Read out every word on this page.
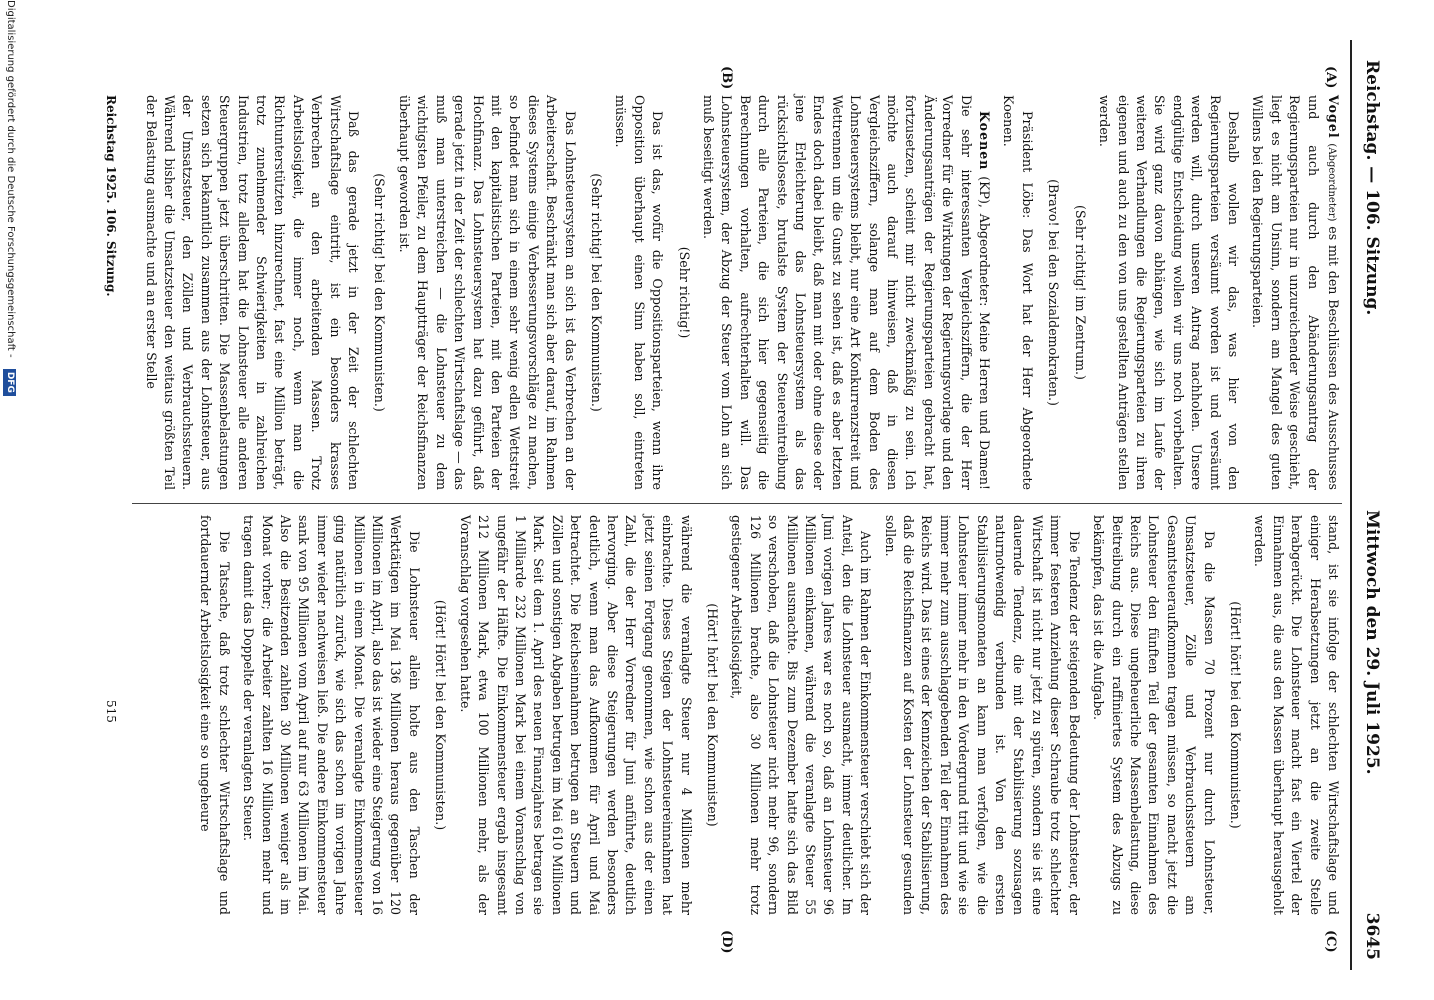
Reichstag. — 106. Sitzung.
Mittwoch den 29. Juli 1925.
3645
(A)
(B)
(C)
(D)

Vogel (Abgeordneter) es mit den Beschlüssen des Ausschusses und auch durch den Abänderungsantrag der Regierungsparteien nur in unzureichender Weise geschieht, liegt es nicht am Unsinn, sondern am Mangel des guten Willens bei den Regierungsparteien.

Deshalb wollen wir das, was hier von den Regierungsparteien versäumt worden ist und versäumt werden will, durch unseren Antrag nachholen. Unsere endgültige Entscheidung wollen wir uns noch vorbehalten. Sie wird ganz davon abhängen, wie sich im Laufe der weiteren Verhandlungen die Regierungsparteien zu ihren eigenen und auch zu den von uns gestellten Anträgen stellen werden.

(Sehr richtig! im Zentrum.)

(Bravo! bei den Sozialdemokraten.)

Präsident Löbe: Das Wort hat der Herr Abgeordnete Koenen.

Koenen (KP), Abgeordneter: Meine Herren und Damen! Die sehr interessanten Vergleichsziffern, die der Herr Vorredner für die Wirkungen der Regierungsvorlage und den Änderungsanträgen der Regierungsparteien gebracht hat, fortzusetzen, scheint mir nicht zweckmäßig zu sein. Ich möchte auch darauf hinweisen, daß in diesen Vergleichsziffern, solange man auf dem Boden des Lohnsteuersystems bleibt, nur eine Art Konkurrenzstreit und Wettrennen um die Gunst zu sehen ist, daß es aber letzten Endes doch dabei bleibt, daß man mit oder ohne diese oder jene Erleichterung das Lohnsteuersystem als das rücksichtsloseste, brutalste System der Steuereintreibung durch alle Parteien, die sich hier gegenseitig die Berechnungen vorhalten, aufrechterhalten will. Das Lohnsteuersystem, der Abzug der Steuer vom Lohn an sich muß beseitigt werden.

(Sehr richtig!)

Das ist das, wofür die Oppositionsparteien, wenn ihre Opposition überhaupt einen Sinn haben soll, eintreten müssen.

(Sehr richtig! bei den Kommunisten.)

Das Lohnsteuersystem an sich ist das Verbrechen an der Arbeiterschaft. Beschränkt man sich aber darauf, im Rahmen dieses Systems einige Verbesserungsvorschläge zu machen, so befindet man sich in einem sehr wenig edlen Wettstreit mit den kapitalistischen Parteien, mit den Parteien der Hochfinanz. Das Lohnsteuersystem hat dazu geführt, daß gerade jetzt in der Zeit der schlechten Wirtschaftslage — das muß man unterstreichen — die Lohnsteuer zu dem wichtigsten Pfeiler, zu dem Hauptträger der Reichsfinanzen überhaupt geworden ist.

(Sehr richtig! bei den Kommunisten.)

Daß das gerade jetzt in der Zeit der schlechten Wirtschaftslage eintritt, ist ein besonders krasses Verbrechen an den arbeitenden Massen. Trotz Arbeitslosigkeit, die immer noch, wenn man die Richtunterstützten hinzurechnet, fast eine Million beträgt, trotz zunehmender Schwierigkeiten in zahlreichen Industrien, trotz alledem hat die Lohnsteuer alle anderen Steuergruppen jetzt überschritten. Die Massenbelastungen setzen sich bekanntlich zusammen aus der Lohnsteuer, aus der Umsatzsteuer, den Zöllen und Verbrauchssteuern. Während bisher die Umsatzsteuer den weitaus größten Teil der Belastung ausmachte und an erster Stelle

stand, ist sie infolge der schlechten Wirtschaftslage und einiger Herabsetzungen jetzt an die zweite Stelle herabgerückt. Die Lohnsteuer macht fast ein Viertel der Einnahmen aus, die aus den Massen überhaupt herausgeholt werden.

(Hört! hört! bei den Kommunisten.)

Da die Massen 70 Prozent nur durch Lohnsteuer, Umsatzsteuer, Zölle und Verbrauchssteuern am Gesamtsteueraufkommen tragen müssen, so macht jetzt die Lohnsteuer den fünften Teil der gesamten Einnahmen des Reichs aus. Diese ungeheuerliche Massenbelastung, diese Beitreibung durch ein raffiniertes System des Abzugs zu bekämpfen, das ist die Aufgabe.

Die Tendenz der steigenden Bedeutung der Lohnsteuer, der immer festeren Anziehung dieser Schraube trotz schlechter Wirtschaft ist nicht nur jetzt zu spüren, sondern sie ist eine dauernde Tendenz, die mit der Stabilisierung sozusagen naturnotwendig verbunden ist. Von den ersten Stabilisierungsmonaten an kann man verfolgen, wie die Lohnsteuer immer mehr in den Vordergrund tritt und wie sie immer mehr zum ausschlaggebenden Teil der Einnahmen des Reichs wird. Das ist eines der Kennzeichen der Stabilisierung, daß die Reichsfinanzen auf Kosten der Lohnsteuer gesunden sollen.

Auch im Rahmen der Einkommensteuer verschiebt sich der Anteil, den die Lohnsteuer ausmacht, immer deutlicher. Im Juni vorigen Jahres war es noch so, daß an Lohnsteuer 96 Millionen einkamen, während die veranlagte Steuer 55 Millionen ausmachte. Bis zum Dezember hatte sich das Bild so verschoben, daß die Lohnsteuer nicht mehr 96, sondern 126 Millionen brachte, also 30 Millionen mehr trotz gestiegener Arbeitslosigkeit,

(Hört! hört! bei den Kommunisten)

während die veranlagte Steuer nur 4 Millionen mehr einbrachte. Dieses Steigen der Lohnsteuereinnahmen hat jetzt seinen Fortgang genommen, wie schon aus der einen Zahl, die der Herr Vorredner für Juni anführte, deutlich hervorging. Aber diese Steigerungen werden besonders deutlich, wenn man das Aufkommen für April und Mai betrachtet. Die Reichseinnahmen betrugen an Steuern und Zöllen und sonstigen Abgaben betrugen im Mai 610 Millionen Mark. Seit dem 1. April des neuen Finanzjahres betragen sie 1 Milliarde 232 Millionen Mark bei einem Voranschlag von ungefähr der Hälfte. Die Einkommensteuer ergab insgesamt 212 Millionen Mark, etwa 100 Millionen mehr, als der Voranschlag vorgesehen hatte.

(Hört! Hört! bei den Kommunisten.)

Die Lohnsteuer allein holte aus den Taschen der Werktätigen im Mai 136 Millionen heraus gegenüber 120 Millionen im April, also das ist wieder eine Steigerung von 16 Millionen in einem Monat. Die veranlagte Einkommensteuer ging natürlich zurück, wie sich das schon im vorigen Jahre immer wieder nachweisen ließ. Die andere Einkommensteuer sank von 95 Millionen vom April auf nur 63 Millionen im Mai. Also die Besitzenden zahlten 30 Millionen weniger als im Monat vorher; die Arbeiter zahlten 16 Millionen mehr und tragen damit das Doppelte der veranlagten Steuer.

Die Tatsache, daß trotz schlechter Wirtschaftslage und fortdauernder Arbeitslosigkeit eine so ungeheure

Reichstag 1925. 106. Sitzung.
515
Digitalisierung gefördert durch die Deutsche Forschungsgemeinschaft - DFG
